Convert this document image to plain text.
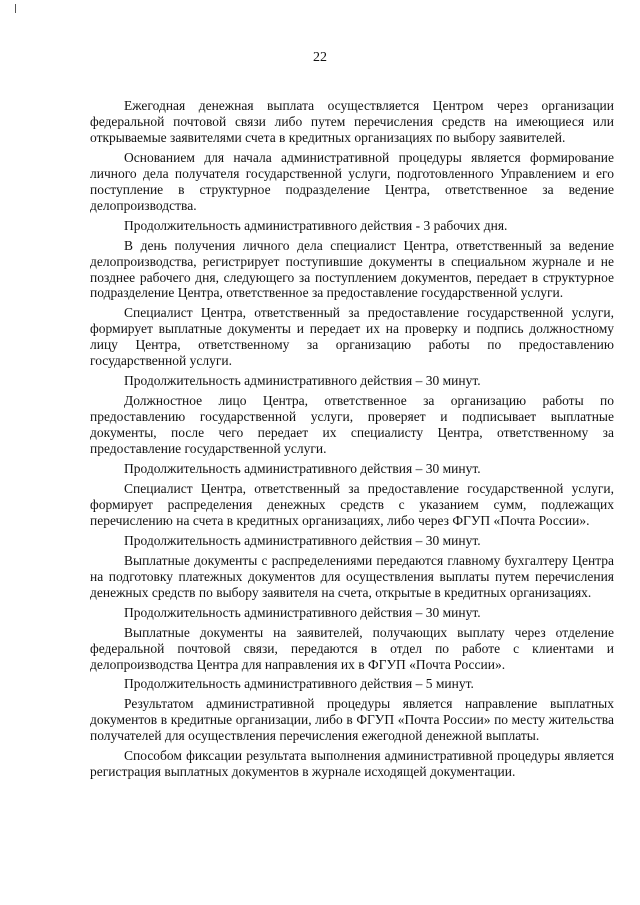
22

Ежегодная денежная выплата осуществляется Центром через организации федеральной почтовой связи либо путем перечисления средств на имеющиеся или открываемые заявителями счета в кредитных организациях по выбору заявителей.

Основанием для начала административной процедуры является формирование личного дела получателя государственной услуги, подготовленного Управлением и его поступление в структурное подразделение Центра, ответственное за ведение делопроизводства.

Продолжительность административного действия - 3 рабочих дня.

В день получения личного дела специалист Центра, ответственный за ведение делопроизводства, регистрирует поступившие документы в специальном журнале и не позднее рабочего дня, следующего за поступлением документов, передает в структурное подразделение Центра, ответственное за предоставление государственной услуги.

Специалист Центра, ответственный за предоставление государственной услуги, формирует выплатные документы и передает их на проверку и подпись должностному лицу Центра, ответственному за организацию работы по предоставлению государственной услуги.

Продолжительность административного действия – 30 минут.

Должностное лицо Центра, ответственное за организацию работы по предоставлению государственной услуги, проверяет и подписывает выплатные документы, после чего передает их специалисту Центра, ответственному за предоставление государственной услуги.

Продолжительность административного действия – 30 минут.

Специалист Центра, ответственный за предоставление государственной услуги, формирует распределения денежных средств с указанием сумм, подлежащих перечислению на счета в кредитных организациях, либо через ФГУП «Почта России».

Продолжительность административного действия – 30 минут.

Выплатные документы с распределениями передаются главному бухгалтеру Центра на подготовку платежных документов для осуществления выплаты путем перечисления денежных средств по выбору заявителя на счета, открытые в кредитных организациях.

Продолжительность административного действия – 30 минут.

Выплатные документы на заявителей, получающих выплату через отделение федеральной почтовой связи, передаются в отдел по работе с клиентами и делопроизводства Центра для направления их в ФГУП «Почта России».

Продолжительность административного действия – 5 минут.

Результатом административной процедуры является направление выплатных документов в кредитные организации, либо в ФГУП «Почта России» по месту жительства получателей для осуществления перечисления ежегодной денежной выплаты.

Способом фиксации результата выполнения административной процедуры является регистрация выплатных документов в журнале исходящей документации.
